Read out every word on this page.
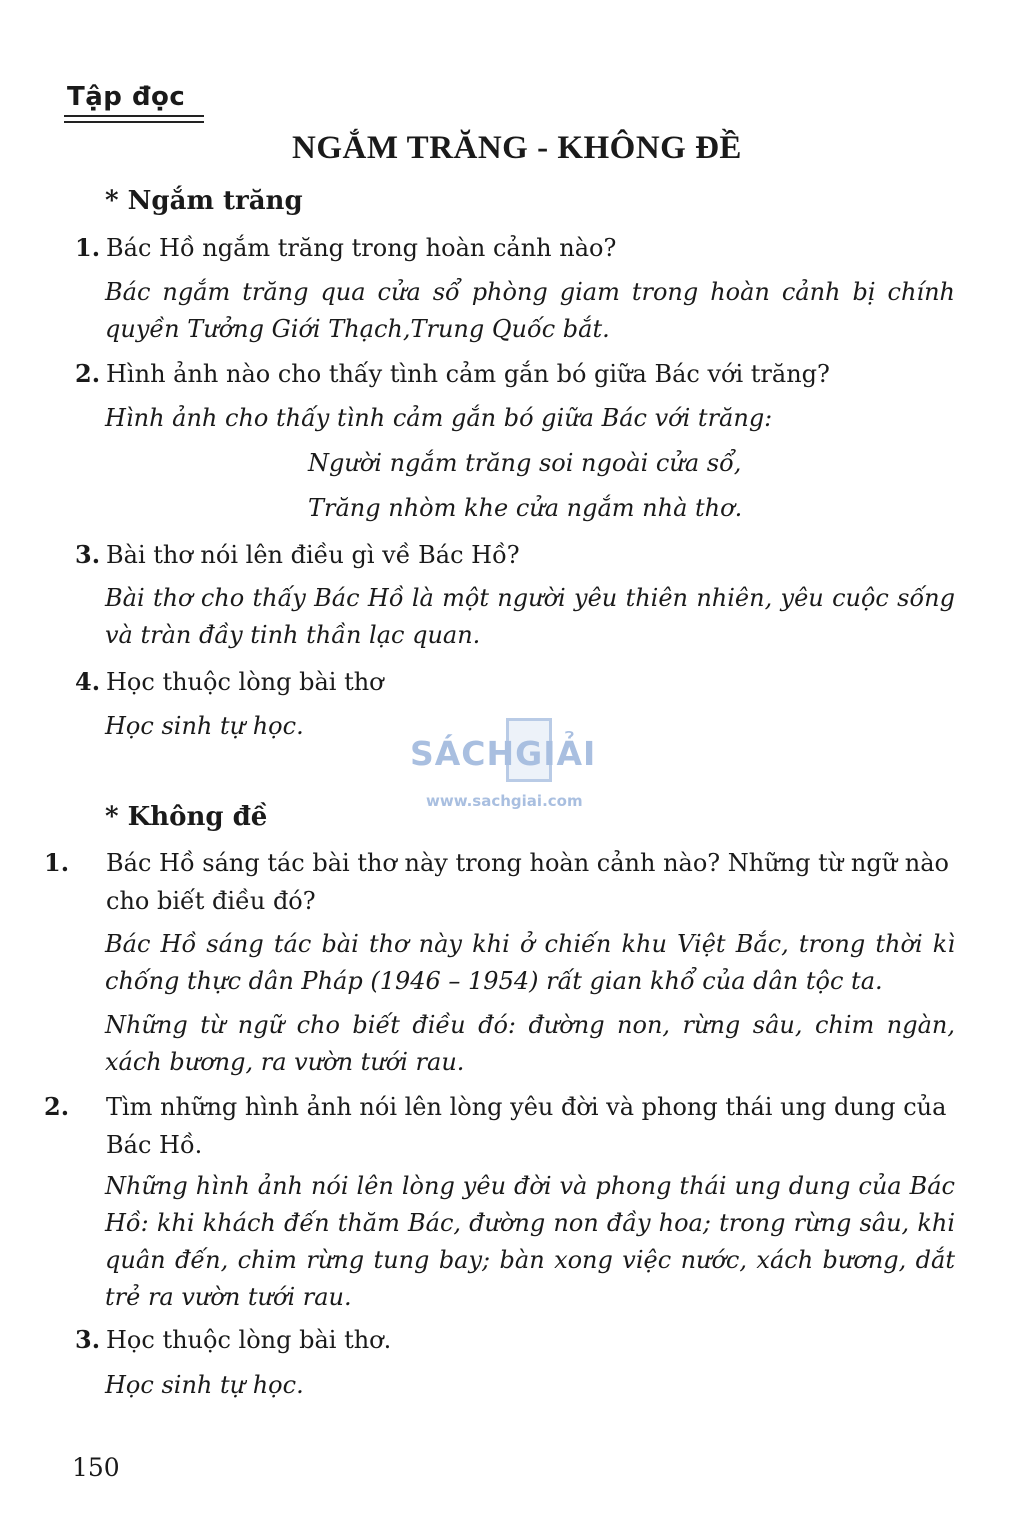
Tập đọc
NGẮM TRĂNG - KHÔNG ĐỀ
* Ngắm trăng
1. Bác Hồ ngắm trăng trong hoàn cảnh nào?
Bác ngắm trăng qua cửa sổ phòng giam trong hoàn cảnh bị chính quyền Tưởng Giới Thạch,Trung Quốc bắt.
2. Hình ảnh nào cho thấy tình cảm gắn bó giữa Bác với trăng?
Hình ảnh cho thấy tình cảm gắn bó giữa Bác với trăng:
Người ngắm trăng soi ngoài cửa sổ,
Trăng nhòm khe cửa ngắm nhà thơ.
3. Bài thơ nói lên điều gì về Bác Hồ?
Bài thơ cho thấy Bác Hồ là một người yêu thiên nhiên, yêu cuộc sống và tràn đầy tinh thần lạc quan.
4. Học thuộc lòng bài thơ
Học sinh tự học.
SÁCHGIẢI
www.sachgiai.com
* Không đề
1. Bác Hồ sáng tác bài thơ này trong hoàn cảnh nào? Những từ ngữ nào cho biết điều đó?
Bác Hồ sáng tác bài thơ này khi ở chiến khu Việt Bắc, trong thời kì chống thực dân Pháp (1946 – 1954) rất gian khổ của dân tộc ta.
Những từ ngữ cho biết điều đó: đường non, rừng sâu, chim ngàn, xách bương, ra vườn tưới rau.
2. Tìm những hình ảnh nói lên lòng yêu đời và phong thái ung dung của Bác Hồ.
Những hình ảnh nói lên lòng yêu đời và phong thái ung dung của Bác Hồ: khi khách đến thăm Bác, đường non đầy hoa; trong rừng sâu, khi quân đến, chim rừng tung bay; bàn xong việc nước, xách bương, dắt trẻ ra vườn tưới rau.
3. Học thuộc lòng bài thơ.
Học sinh tự học.
150
